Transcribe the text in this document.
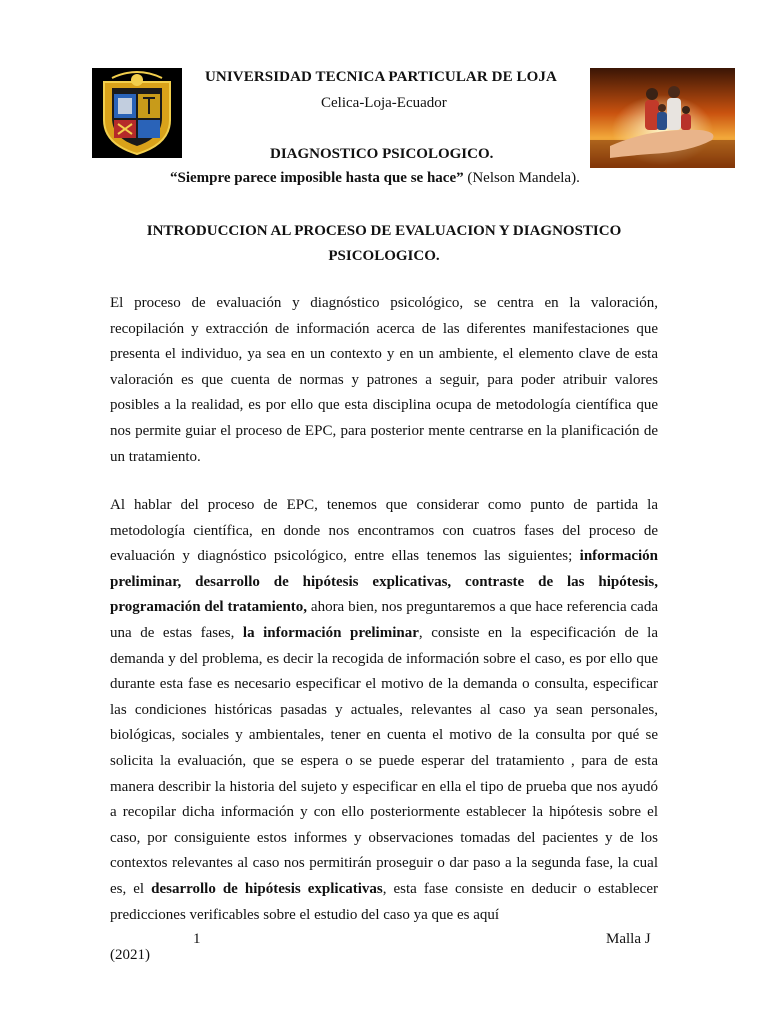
UNIVERSIDAD TECNICA PARTICULAR DE LOJA
Celica-Loja-Ecuador
DIAGNOSTICO PSICOLOGICO.
“Siempre parece imposible hasta que se hace” (Nelson Mandela).
INTRODUCCION AL PROCESO DE EVALUACION Y DIAGNOSTICO PSICOLOGICO.

El proceso de evaluación y diagnóstico psicológico, se centra en la valoración, recopilación y extracción de información acerca de las diferentes manifestaciones que presenta el individuo, ya sea en un contexto y en un ambiente, el elemento clave de esta valoración es que cuenta de normas y patrones a seguir, para poder atribuir valores posibles a la realidad, es por ello que esta disciplina ocupa de metodología científica que nos permite guiar el proceso de EPC, para posterior mente centrarse en la planificación de un tratamiento.

Al hablar del proceso de EPC, tenemos que considerar como punto de partida la metodología científica, en donde nos encontramos con cuatros fases del proceso de evaluación y diagnóstico psicológico, entre ellas tenemos las siguientes; información preliminar, desarrollo de hipótesis explicativas, contraste de las hipótesis, programación del tratamiento, ahora bien, nos preguntaremos a que hace referencia cada una de estas fases, la información preliminar, consiste en la especificación de la demanda y del problema, es decir la recogida de información sobre el caso, es por ello que durante esta fase es necesario especificar el motivo de la demanda o consulta, especificar las condiciones históricas pasadas y actuales, relevantes al caso ya sean personales, biológicas, sociales y ambientales, tener en cuenta el motivo de la consulta por qué se solicita la evaluación, que se espera o se puede esperar del tratamiento , para de esta manera describir la historia del sujeto y especificar en ella el tipo de prueba que nos ayudó a recopilar dicha información y con ello posteriormente establecer la hipótesis sobre el caso, por consiguiente estos informes y observaciones tomadas del pacientes y de los contextos relevantes al caso nos permitirán proseguir o dar paso a la segunda fase, la cual es, el desarrollo de hipótesis explicativas, esta fase consiste en deducir o establecer predicciones verificables sobre el estudio del caso ya que es aquí

1	Malla J
(2021)
